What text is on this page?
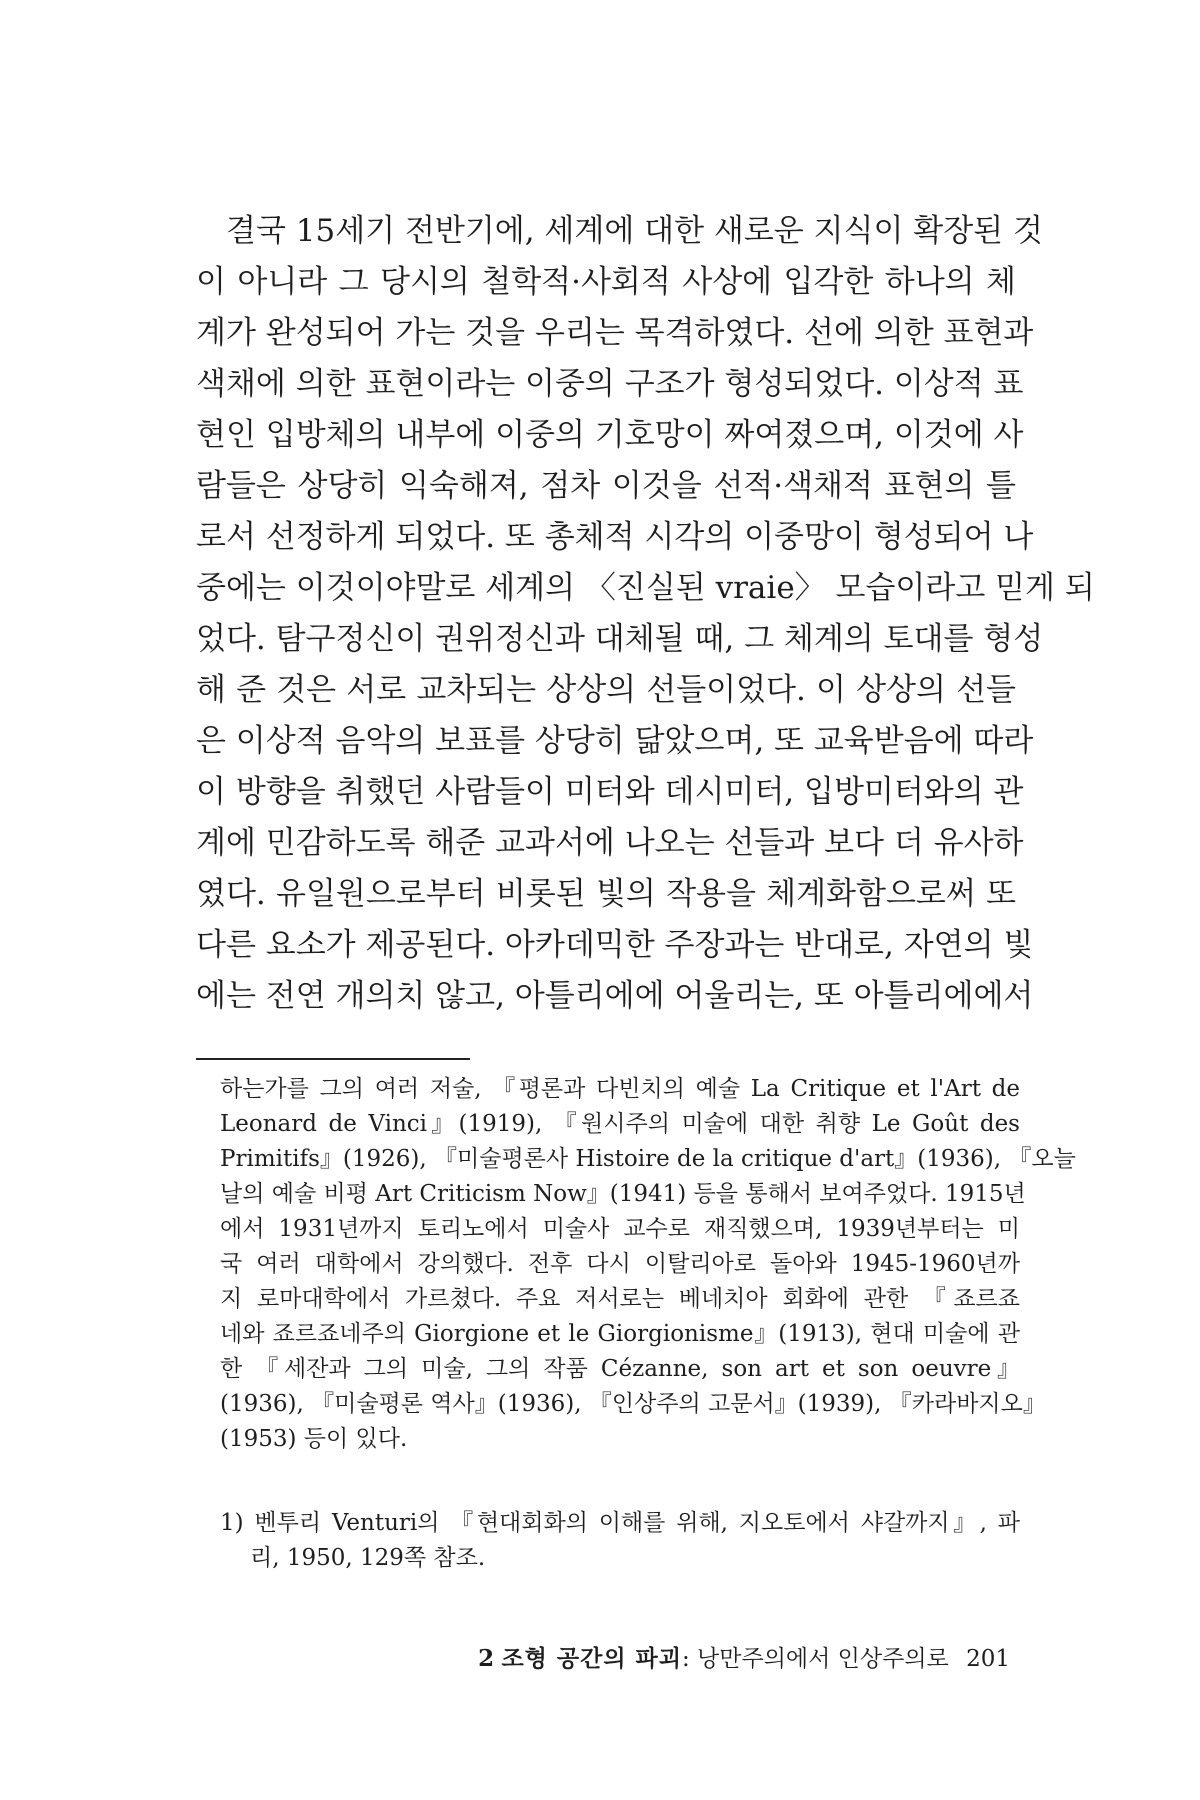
결국 15세기 전반기에, 세계에 대한 새로운 지식이 확장된 것
이 아니라 그 당시의 철학적·사회적 사상에 입각한 하나의 체
계가 완성되어 가는 것을 우리는 목격하였다. 선에 의한 표현과
색채에 의한 표현이라는 이중의 구조가 형성되었다. 이상적 표
현인 입방체의 내부에 이중의 기호망이 짜여졌으며, 이것에 사
람들은 상당히 익숙해져, 점차 이것을 선적·색채적 표현의 틀
로서 선정하게 되었다. 또 총체적 시각의 이중망이 형성되어 나
중에는 이것이야말로 세계의 〈진실된 vraie〉 모습이라고 믿게 되
었다. 탐구정신이 권위정신과 대체될 때, 그 체계의 토대를 형성
해 준 것은 서로 교차되는 상상의 선들이었다. 이 상상의 선들
은 이상적 음악의 보표를 상당히 닮았으며, 또 교육받음에 따라
이 방향을 취했던 사람들이 미터와 데시미터, 입방미터와의 관
계에 민감하도록 해준 교과서에 나오는 선들과 보다 더 유사하
였다. 유일원으로부터 비롯된 빛의 작용을 체계화함으로써 또
다른 요소가 제공된다. 아카데믹한 주장과는 반대로, 자연의 빛
에는 전연 개의치 않고, 아틀리에에 어울리는, 또 아틀리에에서
하는가를 그의 여러 저술, 『평론과 다빈치의 예술 La Critique et l'Art de
Leonard de Vinci』(1919), 『원시주의 미술에 대한 취향 Le Goût des
Primitifs』(1926), 『미술평론사 Histoire de la critique d'art』(1936), 『오늘
날의 예술 비평 Art Criticism Now』(1941) 등을 통해서 보여주었다. 1915년
에서 1931년까지 토리노에서 미술사 교수로 재직했으며, 1939년부터는 미
국 여러 대학에서 강의했다. 전후 다시 이탈리아로 돌아와 1945-1960년까
지 로마대학에서 가르쳤다. 주요 저서로는 베네치아 회화에 관한 『죠르죠
네와 죠르죠네주의 Giorgione et le Giorgionisme』(1913), 현대 미술에 관
한 『세잔과 그의 미술, 그의 작품 Cézanne, son art et son oeuvre』
(1936), 『미술평론 역사』(1936), 『인상주의 고문서』(1939), 『카라바지오』
(1953) 등이 있다.
1) 벤투리 Venturi의 『현대회화의 이해를 위해, 지오토에서 샤갈까지』, 파
리, 1950, 129쪽 참조.
2 조형 공간의 파괴: 낭만주의에서 인상주의로 201
